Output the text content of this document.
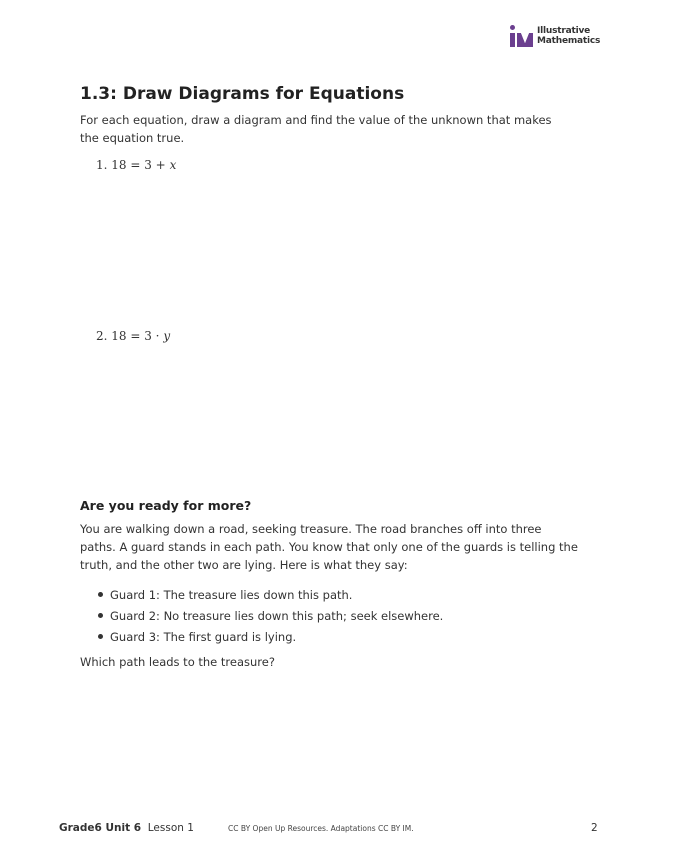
Illustrative
Mathematics
1.3: Draw Diagrams for Equations

For each equation, draw a diagram and find the value of the unknown that makes the equation true.

1. 18 = 3 + x
2. 18 = 3 · y
Are you ready for more?

You are walking down a road, seeking treasure. The road branches off into three paths. A guard stands in each path. You know that only one of the guards is telling the truth, and the other two are lying. Here is what they say:

Guard 1: The treasure lies down this path.
Guard 2: No treasure lies down this path; seek elsewhere.
Guard 3: The first guard is lying.

Which path leads to the treasure?

Grade6 Unit 6 Lesson 1	CC BY Open Up Resources. Adaptations CC BY IM.	2
